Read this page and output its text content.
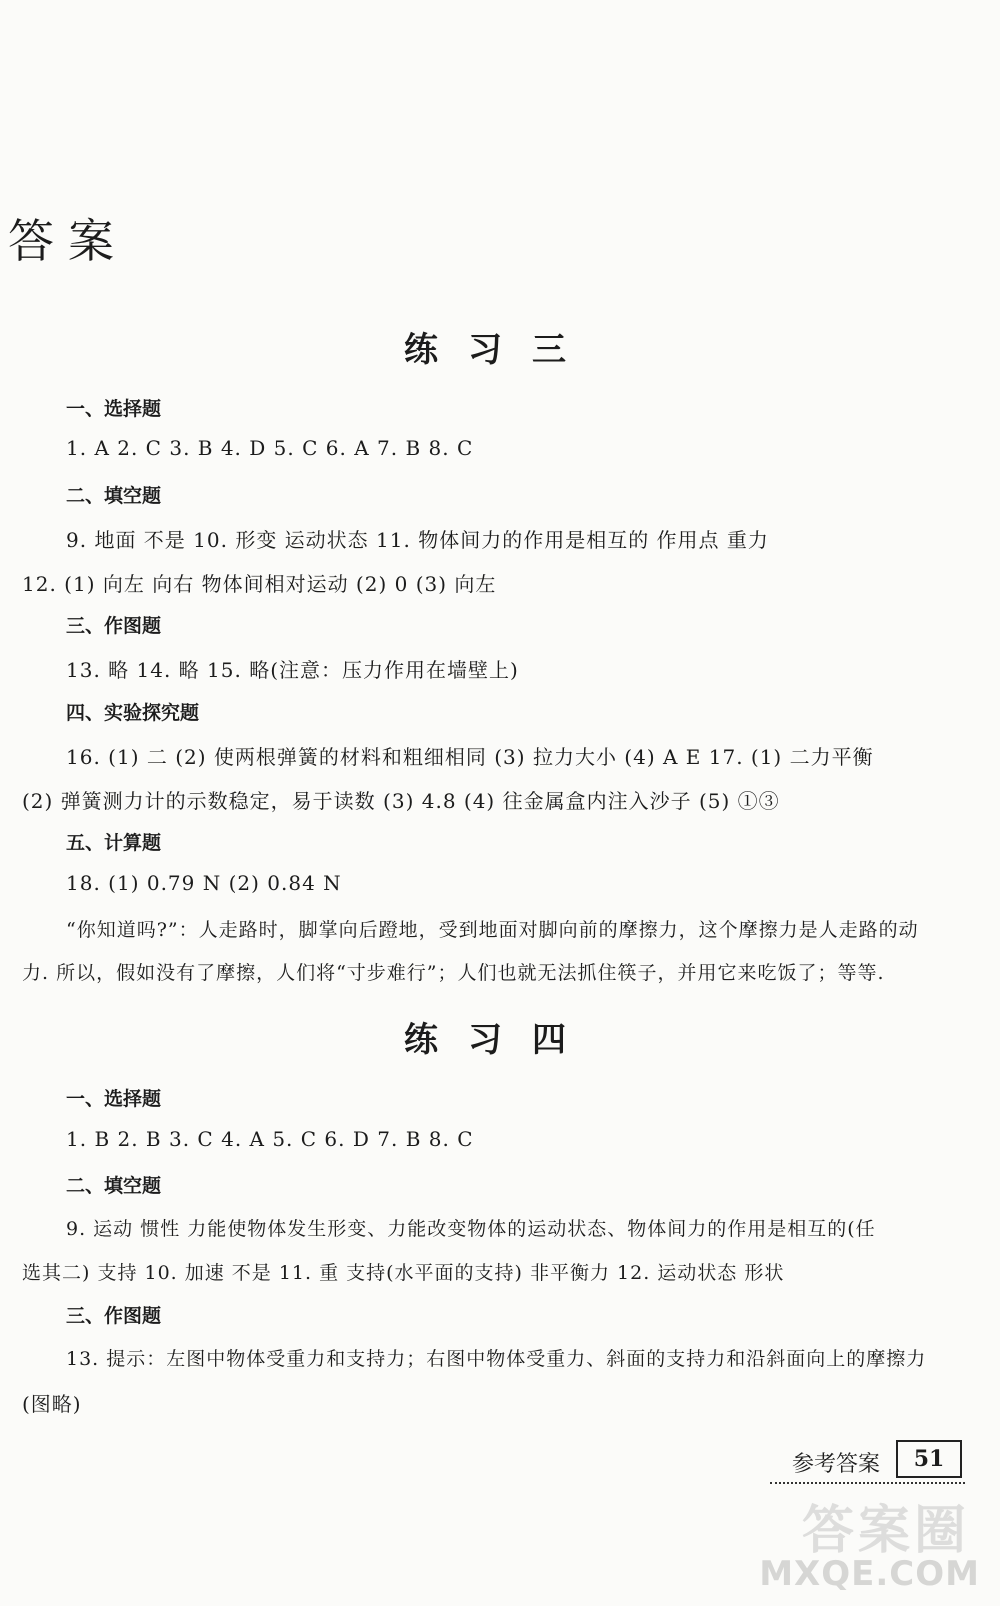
答案
练习三
一、选择题
1. A 2. C 3. B 4. D 5. C 6. A 7. B 8. C
二、填空题
9. 地面 不是 10. 形变 运动状态 11. 物体间力的作用是相互的 作用点 重力
12. (1) 向左 向右 物体间相对运动 (2) 0 (3) 向左
三、作图题
13. 略 14. 略 15. 略(注意：压力作用在墙壁上)
四、实验探究题
16. (1) 二 (2) 使两根弹簧的材料和粗细相同 (3) 拉力大小 (4) A E 17. (1) 二力平衡
(2) 弹簧测力计的示数稳定，易于读数 (3) 4.8 (4) 往金属盒内注入沙子 (5) ①③
五、计算题
18. (1) 0.79 N (2) 0.84 N
“你知道吗?”：人走路时，脚掌向后蹬地，受到地面对脚向前的摩擦力，这个摩擦力是人走路的动
力. 所以，假如没有了摩擦，人们将“寸步难行”；人们也就无法抓住筷子，并用它来吃饭了；等等.
练习四
一、选择题
1. B 2. B 3. C 4. A 5. C 6. D 7. B 8. C
二、填空题
9. 运动 惯性 力能使物体发生形变、力能改变物体的运动状态、物体间力的作用是相互的(任
选其二) 支持 10. 加速 不是 11. 重 支持(水平面的支持) 非平衡力 12. 运动状态 形状
三、作图题
13. 提示：左图中物体受重力和支持力；右图中物体受重力、斜面的支持力和沿斜面向上的摩擦力
(图略)
参考答案	51
答案圈
MXQE.COM
